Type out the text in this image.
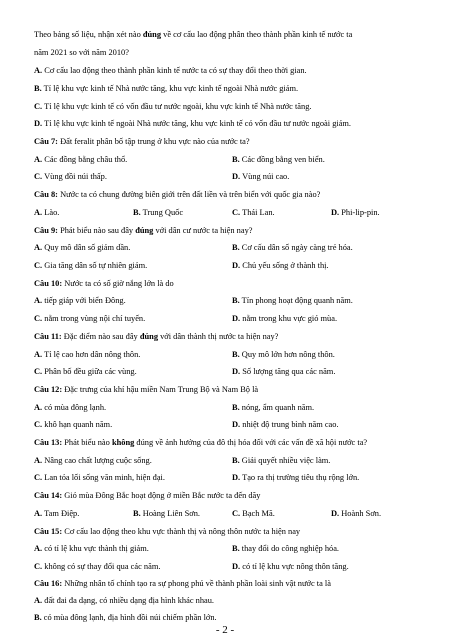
Theo bảng số liệu, nhận xét nào đúng về cơ cấu lao động phân theo thành phần kinh tế nước ta
năm 2021 so với năm 2010?
A. Cơ cấu lao động theo thành phần kinh tế nước ta có sự thay đổi theo thời gian.
B. Tỉ lệ khu vực kinh tế Nhà nước tăng, khu vực kinh tế ngoài Nhà nước giảm.
C. Tỉ lệ khu vực kinh tế có vốn đầu tư nước ngoài, khu vực kinh tế Nhà nước tăng.
D. Tỉ lệ khu vực kinh tế ngoài Nhà nước tăng, khu vực kinh tế có vốn đầu tư nước ngoài giảm.
Câu 7: Đất feralit phân bố tập trung ở khu vực nào của nước ta?
A. Các đồng bằng châu thổ.	B. Các đồng bằng ven biển.
C. Vùng đồi núi thấp.	D. Vùng núi cao.
Câu 8: Nước ta có chung đường biên giới trên đất liền và trên biển với quốc gia nào?
A. Lào.	B. Trung Quốc	C. Thái Lan.	D. Phi-lip-pin.
Câu 9: Phát biểu nào sau đây đúng với dân cư nước ta hiện nay?
A. Quy mô dân số giảm dần.	B. Cơ cấu dân số ngày càng trẻ hóa.
C. Gia tăng dân số tự nhiên giảm.	D. Chủ yếu sống ở thành thị.
Câu 10: Nước ta có số giờ nắng lớn là do
A. tiếp giáp với biển Đông.	B. Tín phong hoạt động quanh năm.
C. nằm trong vùng nội chí tuyến.	D. nằm trong khu vực gió mùa.
Câu 11: Đặc điểm nào sau đây đúng với dân thành thị nước ta hiện nay?
A. Tỉ lệ cao hơn dân nông thôn.	B. Quy mô lớn hơn nông thôn.
C. Phân bố đều giữa các vùng.	D. Số lượng tăng qua các năm.
Câu 12: Đặc trưng của khí hậu miền Nam Trung Bộ và Nam Bộ là
A. có mùa đông lạnh.	B. nóng, ẩm quanh năm.
C. khô hạn quanh năm.	D. nhiệt độ trung bình năm cao.
Câu 13: Phát biểu nào không đúng về ảnh hưởng của đô thị hóa đối với các vấn đề xã hội nước ta?
A. Nâng cao chất lượng cuộc sống.	B. Giải quyết nhiều việc làm.
C. Lan tỏa lối sống văn minh, hiện đại.	D. Tạo ra thị trường tiêu thụ rộng lớn.
Câu 14: Gió mùa Đông Bắc hoạt động ở miền Bắc nước ta đến dãy
A. Tam Điệp.	B. Hoàng Liên Sơn.	C. Bạch Mã.	D. Hoành Sơn.
Câu 15: Cơ cấu lao động theo khu vực thành thị và nông thôn nước ta hiện nay
A. có tỉ lệ khu vực thành thị giảm.	B. thay đổi do công nghiệp hóa.
C. không có sự thay đổi qua các năm.	D. có tỉ lệ khu vực nông thôn tăng.
Câu 16: Những nhân tố chính tạo ra sự phong phú về thành phần loài sinh vật nước ta là
A. đất đai đa dạng, có nhiều dạng địa hình khác nhau.
B. có mùa đông lạnh, địa hình đồi núi chiếm phần lớn.
- 2 -
